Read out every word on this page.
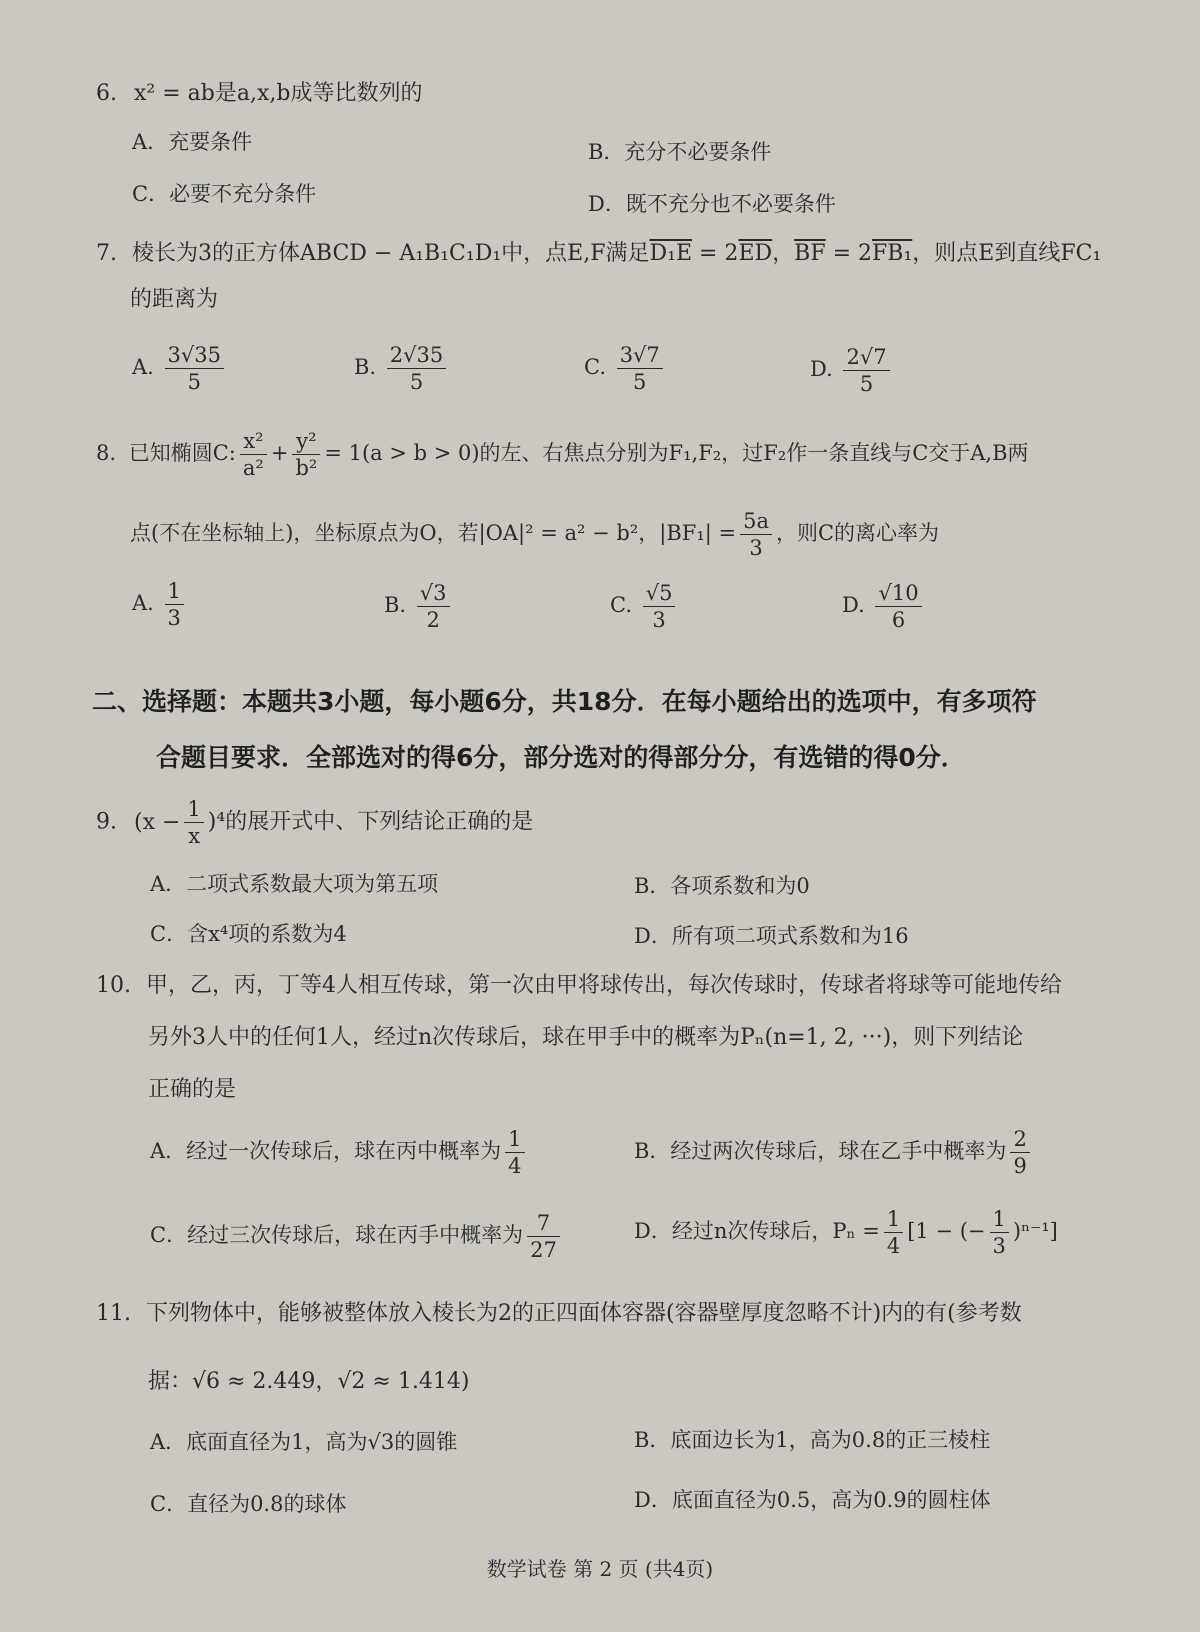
6. x² = ab是a,x,b成等比数列的
A．充要条件	B．充分不必要条件
C．必要不充分条件	D．既不充分也不必要条件
7. 棱长为3的正方体ABCD − A₁B₁C₁D₁中，点E,F满足$D_1E = 2\overline{ED}$，$\overline{BF} = 2FB_1$，则点E到直线FC₁
的距离为
A. $\frac{3√35}{5}$	B. $\frac{2√35}{5}$	C. $\frac{3√7}{5}$	D. $\frac{2√7}{5}$
8. 已知椭圆C: $\frac{\text{x²}}{\text{a²}} + \frac{\text{y²}}{\text{b²}} = 1(a > b > 0)$的左、右焦点分别为F₁,F₂，过F₂作一条直线与C交于A,B两
点(不在坐标轴上)，坐标原点为O，若|OA|² = a² − b²，$|BF_1| = \frac{5a}{3}$ ，则C的离心率为
A. $\frac{1}{3}$	B. $\frac{√3}{2}$	C. $\frac{√5}{3}$	D. $\frac{√10}{6}$
二、选择题：本题共3小题，每小题6分，共18分．在每小题给出的选项中，有多项符
合题目要求．全部选对的得6分，部分选对的得部分分，有选错的得0分．
9. $(x - \frac{1}{x} )^4$的展开式中、下列结论正确的是
A．二项式系数最大项为第五项	B．各项系数和为0
C．含x⁴项的系数为4	D．所有项二项式系数和为16
10. 甲，乙，丙，丁等4人相互传球，第一次由甲将球传出，每次传球时，传球者将球等可能地传给
另外3人中的任何1人，经过n次传球后，球在甲手中的概率为Pₙ(n=1, 2, ···)，则下列结论
正确的是
A．经过一次传球后，球在丙中概率为 $\frac{1}{4}$	B．经过两次传球后，球在乙手中概率为 $\frac{2}{9}$
C．经过三次传球后，球在丙手中概率为 $\frac{7}{27}$	D．经过n次传球后，$P_n = \frac{1}{4} [1$ − (− $\frac{1}{3} )^{n-1}$]
11. 下列物体中，能够被整体放入棱长为2的正四面体容器(容器壁厚度忽略不计)内的有(参考数
据：√6 ≈ 2.449，√2 ≈ 1.414)
A．底面直径为1，高为√3的圆锥	B．底面边长为1，高为0.8的正三棱柱
C．直径为0.8的球体	D．底面直径为0.5，高为0.9的圆柱体
数学试卷 第 2 页 (共4页)
